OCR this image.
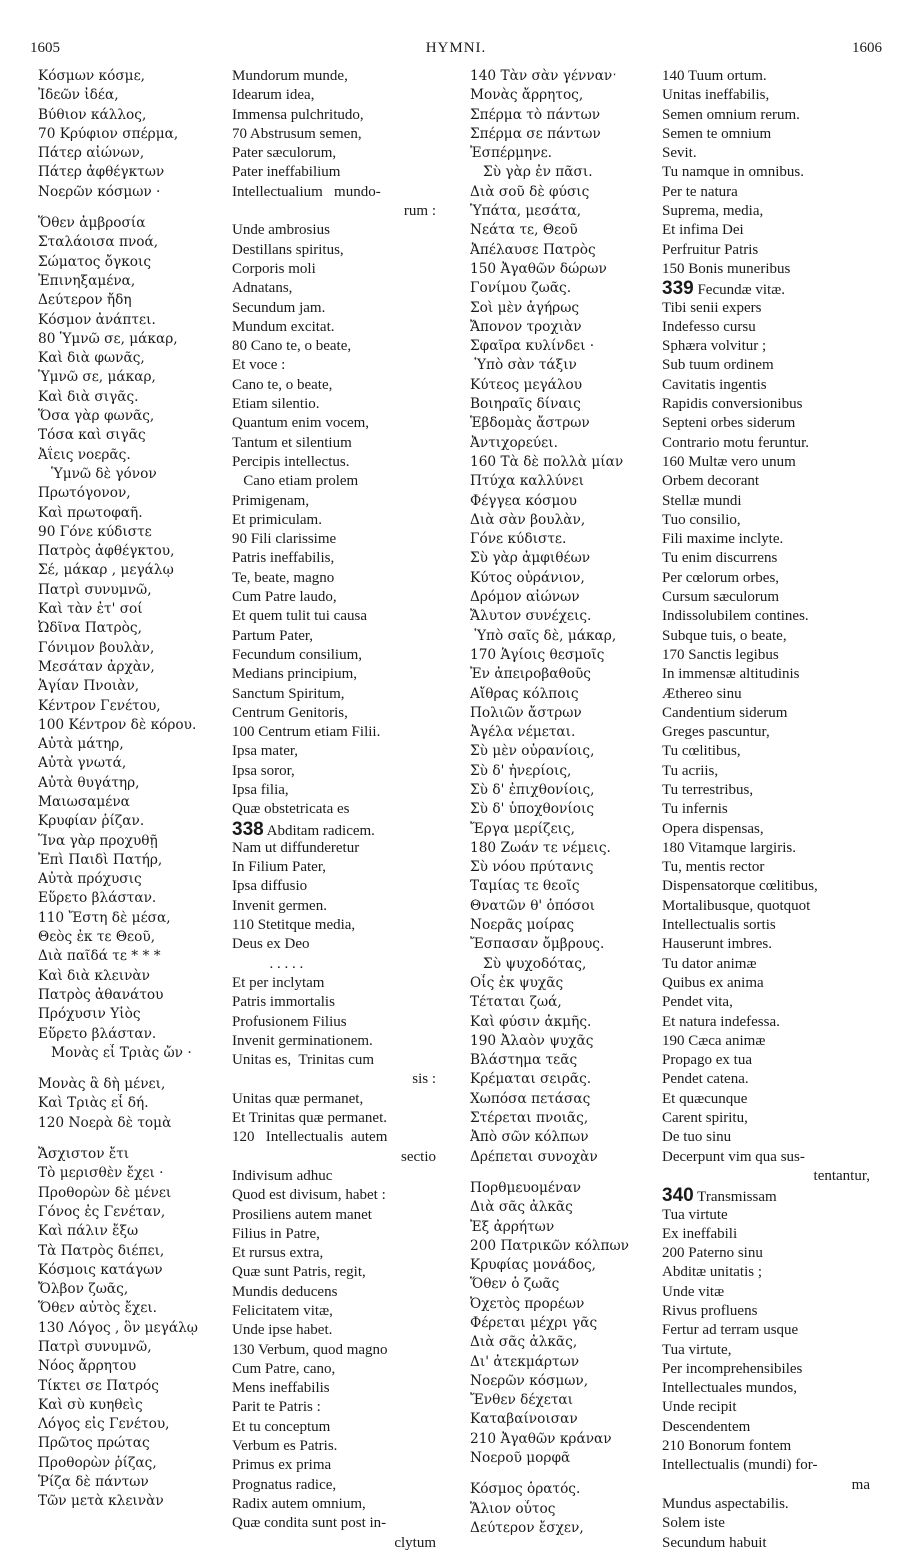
1605	HYMNI.	1606
Κόσμων κόσμε,
Ἰδεῶν ἰδέα,
Βύθιον κάλλος,
70 Κρύφιον σπέρμα,
Πάτερ αἰώνων,
Πάτερ ἀφθέγκτων
Νοερῶν κόσμων ·
Ὅθεν ἀμβροσία
Σταλάοισα πνοά,
Σώματος ὄγκοις
Ἐπινηξαμένα,
Δεύτερον ἤδη
Κόσμον ἀνάπτει.
80 Ὑμνῶ σε, μάκαρ,
Καὶ διὰ φωνᾶς,
Ὑμνῶ σε, μάκαρ,
Καὶ διὰ σιγᾶς.
Ὅσα γὰρ φωνᾶς,
Τόσα καὶ σιγᾶς
Ἀΐεις νοερᾶς.
Ὑμνῶ δὲ γόνον
Πρωτόγονον,
Καὶ πρωτοφαῆ.
90 Γόνε κύδιστε
Πατρὸς ἀφθέγκτου,
Σέ, μάκαρ , μεγάλῳ
Πατρὶ συνυμνῶ,
Καὶ τὰν ἐτ' σοί
Ὠδῖνα Πατρὸς,
Γόνιμον βουλὰν,
Μεσάταν ἀρχὰν,
Ἁγίαν Πνοιὰν,
Κέντρον Γενέτου,
100 Κέντρον δὲ κόρου.
Αὐτὰ μάτηρ,
Αὐτὰ γνωτά,
Αὐτὰ θυγάτηρ,
Μαιωσαμένα
Κρυφίαν ῥίζαν.
Ἵνα γὰρ προχυθῇ
Ἐπὶ Παιδὶ Πατήρ,
Αὐτὰ πρόχυσις
Εὕρετο βλάσταν.
110 Ἔστη δὲ μέσα,
Θεὸς ἐκ τε Θεοῦ,
Διὰ παῖδά τε * * *
Καὶ διὰ κλεινὰν
Πατρὸς ἀθανάτου
Πρόχυσιν Υἱὸς
Εὕρετο βλάσταν.
Μονὰς εἶ Τριὰς ὤν ·
Μονὰς ἃ δὴ μένει,
Καὶ Τριὰς εἶ δή.
120 Νοερὰ δὲ τομὰ
Ἄσχιστον ἔτι
Τὸ μερισθὲν ἔχει ·
Προθορὼν δὲ μένει
Γόνος ἐς Γενέταν,
Καὶ πάλιν ἔξω
Τὰ Πατρὸς διέπει,
Κόσμοις κατάγων
Ὄλβον ζωᾶς,
Ὅθεν αὐτὸς ἔχει.
130 Λόγος , ὃν μεγάλῳ
Πατρὶ συνυμνῶ,
Νόος ἄρρητου
Τίκτει σε Πατρός
Καὶ σὺ κυηθεὶς
Λόγος εἰς Γενέτου,
Πρῶτος πρώτας
Προθορὼν ῥίζας,
Ῥίζα δὲ πάντων
Τῶν μετὰ κλεινὰν
Mundorum munde,
Idearum idea,
Immensa pulchritudo,
70 Abstrusum semen,
Pater sæculorum,
Pater ineffabilium
Intellectualium   mundo-
rum :
Unde ambrosius
Destillans spiritus,
Corporis moli
Adnatans,
Secundum jam.
Mundum excitat.
80 Cano te, o beate,
Et voce :
Cano te, o beate,
Etiam silentio.
Quantum enim vocem,
Tantum et silentium
Percipis intellectus.
Cano etiam prolem
Primigenam,
Et primiculam.
90 Fili clarissime
Patris ineffabilis,
Te, beate, magno
Cum Patre laudo,
Et quem tulit tui causa
Partum Pater,
Fecundum consilium,
Medians principium,
Sanctum Spiritum,
Centrum Genitoris,
100 Centrum etiam Filii.
Ipsa mater,
Ipsa soror,
Ipsa filia,
Quæ obstetricata es
338 Abditam radicem.
Nam ut diffunderetur
In Filium Pater,
Ipsa diffusio
Invenit germen.
110 Stetitque media,
Deus ex Deo
. . . . .
Et per inclytam
Patris immortalis
Profusionem Filius
Invenit germinationem.
Unitas es,  Trinitas cum
sis :
Unitas quæ permanet,
Et Trinitas quæ permanet.
120   Intellectualis  autem
sectio
Indivisum adhuc
Quod est divisum, habet :
Prosiliens autem manet
Filius in Patre,
Et rursus extra,
Quæ sunt Patris, regit,
Mundis deducens
Felicitatem vitæ,
Unde ipse habet.
130 Verbum, quod magno
Cum Patre, cano,
Mens ineffabilis
Parit te Patris :
Et tu conceptum
Verbum es Patris.
Primus ex prima
Prognatus radice,
Radix autem omnium,
Quæ condita sunt post in-
clytum
140 Τὰν σὰν γέννανˑ
Μονὰς ἄρρητος,
Σπέρμα τὸ πάντων
Σπέρμα σε πάντων
Ἐσπέρμηνε.
Σὺ γὰρ ἐν πᾶσι.
Διὰ σοῦ δὲ φύσις
Ὑπάτα, μεσάτα,
Νεάτα τε, Θεοῦ
Ἀπέλαυσε Πατρὸς
150 Ἀγαθῶν δώρων
Γονίμου ζωᾶς.
Σοὶ μὲν ἀγήρως
Ἄπονον τροχιὰν
Σφαῖρα κυλίνδει ·
Ὑπὸ σὰν τάξιν
Κύτεος μεγάλου
Βοιηραῖς δίναις
Ἑβδομὰς ἄστρων
Ἀντιχορεύει.
160 Τὰ δὲ πολλὰ μίαν
Πτύχα καλλύνει
Φέγγεα κόσμου
Διὰ σὰν βουλὰν,
Γόνε κύδιστε.
Σὺ γὰρ ἀμφιθέων
Κύτος οὐράνιον,
Δρόμον αἰώνων
Ἄλυτον συνέχεις.
Ὑπὸ σαῖς δὲ, μάκαρ,
170 Ἁγίοις θεσμοῖς
Ἐν ἀπειροβαθοῦς
Αἴθρας κόλποις
Πολιῶν ἄστρων
Ἀγέλα νέμεται.
Σὺ μὲν οὐρανίοις,
Σὺ δ' ἠνερίοις,
Σὺ δ' ἐπιχθονίοις,
Σὺ δ' ὑποχθονίοις
Ἔργα μερίζεις,
180 Ζωάν τε νέμεις.
Σὺ νόου πρύτανις
Ταμίας τε θεοῖς
Θνατῶν θ' ὁπόσοι
Νοερᾶς μοίρας
Ἔσπασαν ὄμβρους.
Σὺ ψυχοδότας,
Οἷς ἐκ ψυχᾶς
Τέταται ζωά,
Καὶ φύσιν ἀκμῆς.
190 Ἀλαὸν ψυχᾶς
Βλάστημα τεᾶς
Κρέμαται σειρᾶς.
Χωπόσα πετάσας
Στέρεται πνοιᾶς,
Ἀπὸ σῶν κόλπων
Δρέπεται συνοχὰν
Πορθμευομέναν
Διὰ σᾶς ἀλκᾶς
Ἐξ ἀρρήτων
200 Πατρικῶν κόλπων
Κρυφίας μονάδος,
Ὅθεν ὁ ζωᾶς
Ὀχετὸς προρέων
Φέρεται μέχρι γᾶς
Διὰ σᾶς ἀλκᾶς,
Δι' ἀτεκμάρτων
Νοερῶν κόσμων,
Ἔνθεν δέχεται
Καταβαίνοισαν
210 Ἀγαθῶν κράναν
Νοεροῦ μορφᾶ
Κόσμος ὁρατός.
Ἅλιον οὗτος
Δεύτερον ἔσχεν,
140 Tuum ortum.
Unitas ineffabilis,
Semen omnium rerum.
Semen te omnium
Sevit.
Tu namque in omnibus.
Per te natura
Suprema, media,
Et infima Dei
Perfruitur Patris
150 Bonis muneribus
339 Fecundæ vitæ.
Tibi senii expers
Indefesso cursu
Sphæra volvitur ;
Sub tuum ordinem
Cavitatis ingentis
Rapidis conversionibus
Septeni orbes siderum
Contrario motu feruntur.
160 Multæ vero unum
Orbem decorant
Stellæ mundi
Tuo consilio,
Fili maxime inclyte.
Tu enim discurrens
Per cœlorum orbes,
Cursum sæculorum
Indissolubilem contines.
Subque tuis, o beate,
170 Sanctis legibus
In immensæ altitudinis
Æthereo sinu
Candentium siderum
Greges pascuntur,
Tu cœlitibus,
Tu acriis,
Tu terrestribus,
Tu infernis
Opera dispensas,
180 Vitamque largiris.
Tu, mentis rector
Dispensatorque cœlitibus,
Mortalibusque, quotquot
Intellectualis sortis
Hauserunt imbres.
Tu dator animæ
Quibus ex anima
Pendet vita,
Et natura indefessa.
190 Cæca animæ
Propago ex tua
Pendet catena.
Et quæcunque
Carent spiritu,
De tuo sinu
Decerpunt vim qua sus-
tentantur,
340 Transmissam
Tua virtute
Ex ineffabili
200 Paterno sinu
Abditæ unitatis ;
Unde vitæ
Rivus profluens
Fertur ad terram usque
Tua virtute,
Per incomprehensibiles
Intellectuales mundos,
Unde recipit
Descendentem
210 Bonorum fontem
Intellectualis (mundi) for-
ma
Mundus aspectabilis.
Solem iste
Secundum habuit
